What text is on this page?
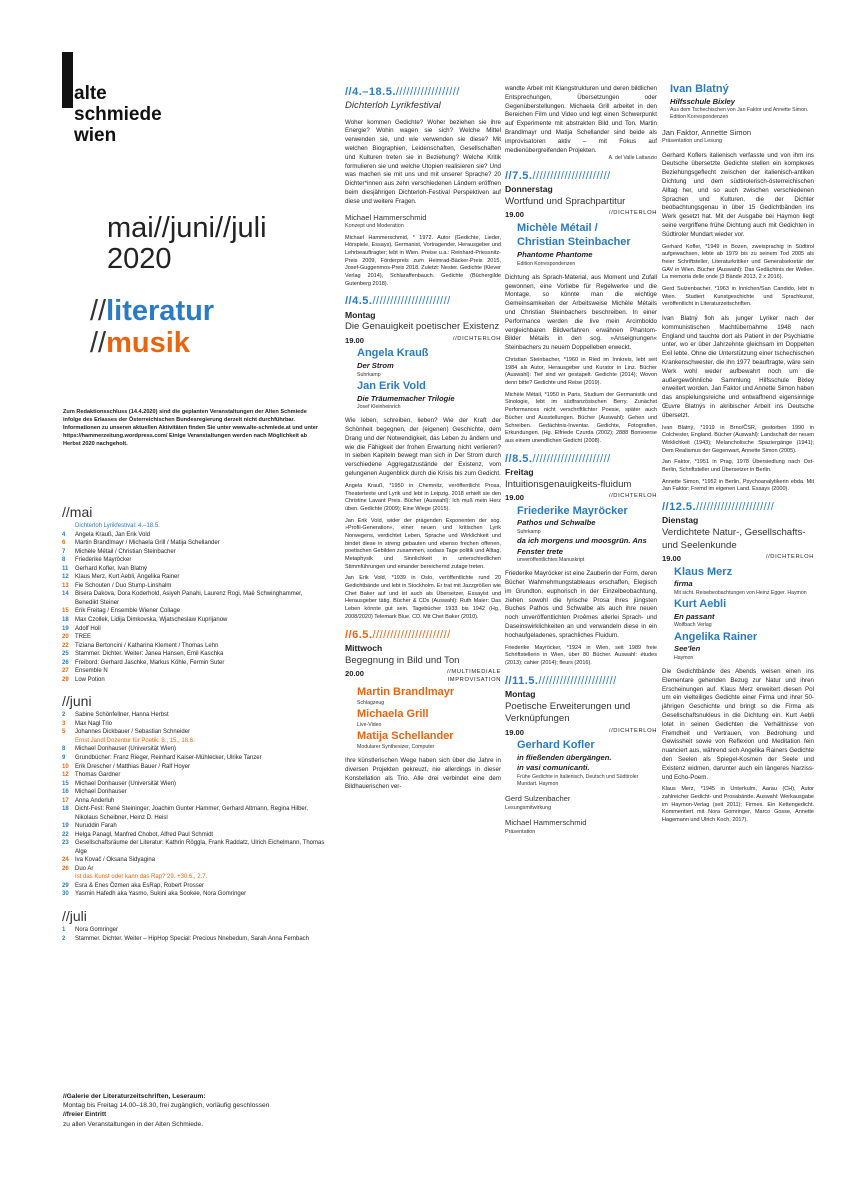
alte
schmiede
wien
mai//juni//juli
2020
//literatur
//musik
Zum Redaktionsschluss (14.4.2020) sind die geplanten Veranstaltungen der Alten Schmiede infolge des Erlasses der Österreichischen Bundesregierung derzeit nicht durchführbar. Informationen zu unseren aktuellen Aktivitäten finden Sie unter www.alte-schmiede.at und unter https://hammerzeitung.wordpress.com/ Einige Veranstaltungen werden nach Möglichkeit ab Herbst 2020 nachgeholt.
//mai
Dichterloh Lyrikfestival: 4.–18.5.
4	Angela Krauß, Jan Erik Vold
6	Martin Brandlmayr / Michaela Grill / Matija Schellander
7	Michèle Métail / Christian Steinbacher
8	Friederike Mayröcker
11	Gerhard Kofler, Ivan Blatný
12	Klaus Merz, Kurt Aebli, Angelika Rainer
13	Fie Schouten / Duo Stump-Linshalm
14	Bisera Dakova, Dora Koderhold, Asiyeh Panahi, Laurenz Rogi, Maë Schwinghammer, Benedikt Steiner
15	Erik Freitag / Ensemble Wiener Collage
18	Max Czollek, Lidija Dimkovska, Wjatscheslaw Kuprijanow
19	Adolf Holl
20	TREE
22	Tiziana Bertoncini / Katharina Klement / Thomas Lehn
25	Stammer. Dichter. Weiter: Janea Hansen, Emil Kaschka
26	Freibord: Gerhard Jaschke, Markus Köhle, Fermin Suter
27	Ensemble N
29	Low Potion
//juni
2	Sabine Schönfellner, Hanna Herbst
3	Max Nagl Trio
5	Johannes Dickbauer / Sebastian Schneider
Ernst Jandl Dozentur für Poetik: 8., 15., 18.6.
8	Michael Donhauser (Universität Wien)
9	Grundbücher: Franz Rieger, Reinhard Kaiser-Mühlecker, Ulrike Tanzer
10	Erik Drescher / Matthias Bauer / Ralf Hoyer
12	Thomas Gardner
15	Michael Donhauser (Universität Wien)
16	Michael Donhauser
17	Anna Anderluh
18	Dicht-Fest: René Steininger, Joachim Gunter Hammer, Gerhard Altmann, Regina Hilber, Nikolaus Scheibner, Heinz D. Heisl
19	Nuruddin Farah
22	Helga Panagl, Manfred Chobot, Alfred Paul Schmidt
23	Gesellschaftsräume der Literatur: Kathrin Röggla, Frank Raddatz, Ulrich Eichelmann, Thomas Alge
24	Iva Kovač / Oksana Sidyagina
26	Duo Ar
Ist das Kunst oder kann das Rap? 29. +30.6., 2.7.
29	Esra & Enes Özmen aka EsRap, Robert Prosser
30	Yasmin Hafedh aka Yasmo, Sukini aka Sookee, Nora Gomringer
//juli
1	Nora Gomringer
2	Stammer. Dichter. Weiter – HipHop Special: Precious Nnebedum, Sarah Anna Fernbach
//Galerie der Literaturzeitschriften, Leseraum:
Montag bis Freitag 14.00–18.30, frei zugänglich, vorläufig geschlossen
//freier Eintritt
zu allen Veranstaltungen in der Alten Schmiede.
//4.–18.5.//////////////////
Dichterloh Lyrikfestival
Woher kommen Gedichte? Woher beziehen sie ihre Energie? Wohin wagen sie sich? Welche Mittel verwenden sie, und wie verwenden sie diese? Mit welchen Biographien, Leidenschaften, Gesellschaften und Kulturen treten sie in Beziehung? Welche Kritik formulieren sie und welche Utopien realisieren sie? Und was machen sie mit uns und mit unserer Sprache? 20 Dichter*innen aus zehn verschiedenen Ländern eröffnen beim diesjährigen Dichterloh-Festival Perspektiven auf diese und weitere Fragen.
Michael Hammerschmid
Konzept und Moderation
Michael Hammerschmid, * 1972. Autor (Gedichte, Lieder, Hörspiele, Essays), Germanist, Vortragender, Herausgeber und Lehrbeauftragter; lebt in Wien. Preise u.a.: Reinhard-Priessnitz-Preis 2009, Förderpreis zum Heimrad-Bäcker-Preis 2015, Josef-Guggenmos-Preis 2018. Zuletzt: Nester. Gedichte (Klever Verlag 2014), Schlaraffenbauch. Gedichte (Büchergilde Gutenberg 2018).
//4.5.//////////////////////
Montag
Die Genauigkeit poetischer Existenz
19.00	//DICHTERLOH
Angela Krauß
Der Strom
Suhrkamp
Jan Erik Vold
Die Träumemacher Trilogie
Josef Kleinheinrich
Wie leben, schreiben, lieben? Wie der Kraft der Schönheit begegnen, der (eigenen) Geschichte, dem Drang und der Notwendigkeit, das Leben zu ändern und wie die Fähigkeit der frohen Erwartung nicht verlieren? In sieben Kapiteln bewegt man sich in Der Strom durch verschiedene Aggregatzustände der Existenz, vom gelungenen Augenblick durch die Krisis bis zum Gedicht.
Angela Krauß, *1950 in Chemnitz, veröffentlicht Prosa, Theatertexte und Lyrik und lebt in Leipzig. 2018 erhielt sie den Christine Lavant Preis. Bücher (Auswahl): Ich muß mein Herz üben. Gedichte (2009); Eine Wiege (2015).
Jan Erik Vold, wider der prägenden Exponenten der sog. »Profil-Generation«, einer neuen und kritischen Lyrik Norwegens, verdichtet Leben, Sprache und Wirklichkeit und bindet diese in streng gebauten und ebenso frechen offenen, poetischen Gebilden zusammen, sodass Tage politik und Alltag, Metaphysik und Sinnlichkeit in unterschiedlichen Stimmführungen und einander bereichernd zutage treten.
Jan Erik Vold, *1939 in Oslo, veröffentlichte rund 20 Gedichtbände und lebt in Stockholm. Er trat mit Jazzgrößen wie Chet Baker auf und ist auch als Übersetzer, Essayist und Herausgeber tätig. Bücher & CDs (Auswahl): Ruth Maier: Das Leben könnte gut sein. Tagebücher 1933 bis 1942 (Hg., 2008/2020) Telemark Blue. CD. Mit Chet Baker (2010).
//6.5.//////////////////////
Mittwoch
Begegnung in Bild und Ton
20.00	//MULTIMEDIALE IMPROVISATION
Martin Brandlmayr
Schlagzeug
Michaela Grill
Live-Video
Matija Schellander
Modularer Synthesizer, Computer
Ihre künstlerischen Wege haben sich über die Jahre in diversen Projekten gekreuzt, nie allerdings in dieser Konstellation als Trio. Alle drei verbindet eine dem Bildhauerischen ver-
wandte Arbeit mit Klangstrukturen und deren bildlichen Entsprechungen, Übersetzungen oder Gegenüberstellungen. Michaela Grill arbeitet in den Bereichen Film und Video und legt einen Schwerpunkt auf Experimente mit abstrakten Bild und Ton. Martin Brandlmayr und Matija Schellander sind beide als improvisatoren aktiv – mit Fokus auf medienübergreifenden Projekten.
A. del Valle Lattanzio
//7.5.//////////////////////
Donnerstag
Wortfund und Sprachpartitur
19.00	//DICHTERLOH
Michèle Métail /
Christian Steinbacher
Phantome Phantome
Edition Korrespondenzen
Dichtung als Sprach-Material, aus Moment und Zufall gewonnen, eine Vorliebe für Regelwerke und die Montage, so könnte man die wichtige Gemeinsamkeiten der Arbeitsweise Michèle Métails und Christian Steinbachers beschreiben. In einer Performance werden die live mein Arcimboldo vergleichbaren Bildverfahren erwähnen Phantom-Bilder Métails in den sog. »Anseignungen« Steinbachers zu neuem Doppelleben erweckt.
Christian Steinbacher, *1960 in Ried im Innkreis, lebt seit 1984 als Autor, Herausgeber und Kurator in Linz. Bücher (Auswahl): Tief sind wir gestapelt. Gedichte (2014); Wovon denn bitte? Gedichte und Reise (2019).
Michèle Métail, *1950 in Paris, Studium der Germanistik und Sinologie, lebt im südfranzösischen Berry. Zunächst Performances nicht verschriftlichter Poesie, später auch Bücher und Ausstellungen. Bücher (Auswahl): Gehen und Schreiben. Gedächtnis-Inventar. Gedichte, Fotografien, Erkundungen. (Hg. Elfriede Czurda (2002); 2888 Bonvoerse aus einem unendlichen Gedicht (2008).
//8.5.//////////////////////
Freitag
Intuitionsgenauigkeits-fluidum
19.00	//DICHTERLOH
Friederike Mayröcker
Pathos und Schwalbe
Suhrkamp
da ich morgens und moosgrün. Ans Fenster trete
unveröffentlichtes Manuskript
Friederike Mayröcker ist eine Zauberin der Form, deren Bücher Wahrnehmungstableaus erschaffen, Elegisch im Grundton, euphorisch in der Einzelbeobachtung, ziehen sowohl die lyrische Prosa ihres jüngsten Buches Pathos und Schwalbe als auch ihre neuen noch unveröffentlichten Proêmes allerlei Sprach- und Daseinswirklichkeiten an und verwandeln diese in ein hochaufgeladenes, sprachliches Fluidum.
Friederike Mayröcker, *1924 in Wien, seit 1989 freie Schriftstellerin in Wien, über 80 Bücher. Auswahl: études (2013); cahier (2014); fleurs (2016).
//11.5.//////////////////////
Montag
Poetische Erweiterungen und Verknüpfungen
19.00	//DICHTERLOH
Gerhard Kofler
in fließenden übergängen.
in vasi comunicanti.
Frühe Gedichte in Italienisch, Deutsch und Südtiroler Mundart. Haymon
Gerd Sulzenbacher
Lesungsmitwirkung
Michael Hammerschmid
Präsentation
Ivan Blatný
Hilfsschule Bixley
Aus dem Tschechischen von Jan Faktor und Annette Simon. Edition Korrespondenzen
Jan Faktor, Annette Simon
Präsentation und Lesung
Gerhard Koflers italienisch verfasste und von ihm ins Deutsche übersetzte Gedichte stellen ein komplexes Beziehungsgeflecht zwischen der italienisch-antiken Dichtung und dem südtirolerisch-österreichischen Alltag her, und so auch zwischen verschiedenen Sprachen und Kulturen, die der Dichter beobachtungsgenau in über 15 Gedichtbänden ins Werk gesetzt hat. Mit der Ausgabe bei Haymon liegt seine vergriffene frühe Dichtung auch mit Gedichten in Südtiroler Mundart wieder vor.
Gerhard Kofler, *1949 in Bozen, zweisprachig in Südtirol aufgewachsen, lebte ab 1979 bis zu seinem Tod 2005 als freier Schriftsteller, Literaturkritiker und Generalsekretär der GAV in Wien. Bücher (Auswahl): Das Gedächtnis der Wellen. La memoria delle onde (3 Bände 2013, 2 x 2016).
Gerd Sulzenbacher, *1963 in Innichen/San Candido, lebt in Wien. Studiert Kunstgeschichte und Sprachkunst, veröffentlicht in Literaturzeitschriften.
Ivan Blatný floh als junger Lyriker nach der kommunistischen Machtübernahme 1948 nach England und tauchte dort als Patient in der Psychiatrie unter, wo er über Jahrzehnte gleichsam im Doppelten Exil lebte. Ohne die Unterstützung einer tschechischen Krankenschwester, die ihn 1977 beauftragte, wäre sein Werk wohl weder aufbewahrt noch um die außergewöhnliche Sammlung Hilfsschule Bixley erweitert worden. Jan Faktor und Annette Simon haben das anspielungsreiche und entwaffnend eigensinnige Œuvre Blatnýs in akribischer Arbeit ins Deutsche übersetzt.
Ivan Blatný, *1919 in Brno/ČSR, gestorben 1990 in Colchester, England. Bücher (Auswahl): Landschaft der neuen Wirklichkeit (1943); Melancholische Spaziergänge (1941); Dem Realismus der Gegenwart, Annette Simon (2005).
Jan Faktor, *1951 in Prag, 1978 Übersiedlung nach Ost-Berlin, Schriftsteller und Übersetzer in Berlin.
Annette Simon, *1952 in Berlin, Psychoanalytikerin ebda. Mit Jan Faktor: Fremd im eigenen Land. Essays (2000).
//12.5.//////////////////////
Dienstag
Verdichtete Natur-, Gesellschafts- und Seelenkunde
19.00	//DICHTERLOH
Klaus Merz
firma
Mit sicht. Reisebeobachtungen von Heinz Egger. Haymon
Kurt Aebli
En passant
Wolfbach Verlag
Angelika Rainer
See'len
Haymon
Die Gedichtbände des Abends weisen einen ins Elementare gehenden Bezug zur Natur und ihren Erscheinungen auf. Klaus Merz erweitert diesen Pol um ein vielteiliges Gedichte einer Firma und ihrer 50-jährigen Geschichte und bringt so die Firma als Gesellschaftsnukleus in die Dichtung ein. Kurt Aebli lotet in seinen Gedichten die Verhältnisse von Fremdheit und Vertrauen, von Bedrohung und Gewissheit sowie von Reflexion und Meditation fein nuanciert aus, während sich Angelika Rainers Gedichte den Seelen als Spiegel-Kosmen der Seele und Existenz widmen, darunter auch ein längeres Narziss- und Echo-Poem.
Klaus Merz, *1945 in Unterkulm, Aarau (CH), Autor zahlreicher Gedicht- und Prosabände. Auswahl: Werkausgabe im Haymon-Verlag (seit 2011); Firmes. Ein Kettengedicht. Kommentiert mit Nora Gomringer, Marco Gosse, Annette Hagemann und Ulrich Koch, 2017).
